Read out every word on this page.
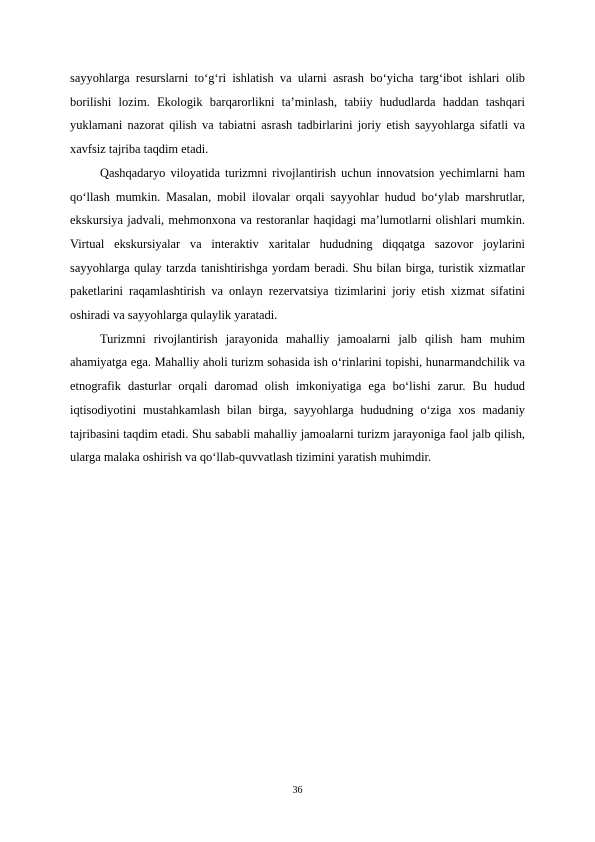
sayyohlarga resurslarni to‘g‘ri ishlatish va ularni asrash bo‘yicha targ‘ibot ishlari olib borilishi lozim. Ekologik barqarorlikni ta’minlash, tabiiy hududlarda haddan tashqari yuklamani nazorat qilish va tabiatni asrash tadbirlarini joriy etish sayyohlarga sifatli va xavfsiz tajriba taqdim etadi.

Qashqadaryo viloyatida turizmni rivojlantirish uchun innovatsion yechimlarni ham qo‘llash mumkin. Masalan, mobil ilovalar orqali sayyohlar hudud bo‘ylab marshrutlar, ekskursiya jadvali, mehmonxona va restoranlar haqidagi ma’lumotlarni olishlari mumkin. Virtual ekskursiyalar va interaktiv xaritalar hududning diqqatga sazovor joylarini sayyohlarga qulay tarzda tanishtirishga yordam beradi. Shu bilan birga, turistik xizmatlar paketlarini raqamlashtirish va onlayn rezervatsiya tizimlarini joriy etish xizmat sifatini oshiradi va sayyohlarga qulaylik yaratadi.

Turizmni rivojlantirish jarayonida mahalliy jamoalarni jalb qilish ham muhim ahamiyatga ega. Mahalliy aholi turizm sohasida ish o‘rinlarini topishi, hunarmandchilik va etnografik dasturlar orqali daromad olish imkoniyatiga ega bo‘lishi zarur. Bu hudud iqtisodiyotini mustahkamlash bilan birga, sayyohlarga hududning o‘ziga xos madaniy tajribasini taqdim etadi. Shu sababli mahalliy jamoalarni turizm jarayoniga faol jalb qilish, ularga malaka oshirish va qo‘llab-quvvatlash tizimini yaratish muhimdir.

36
